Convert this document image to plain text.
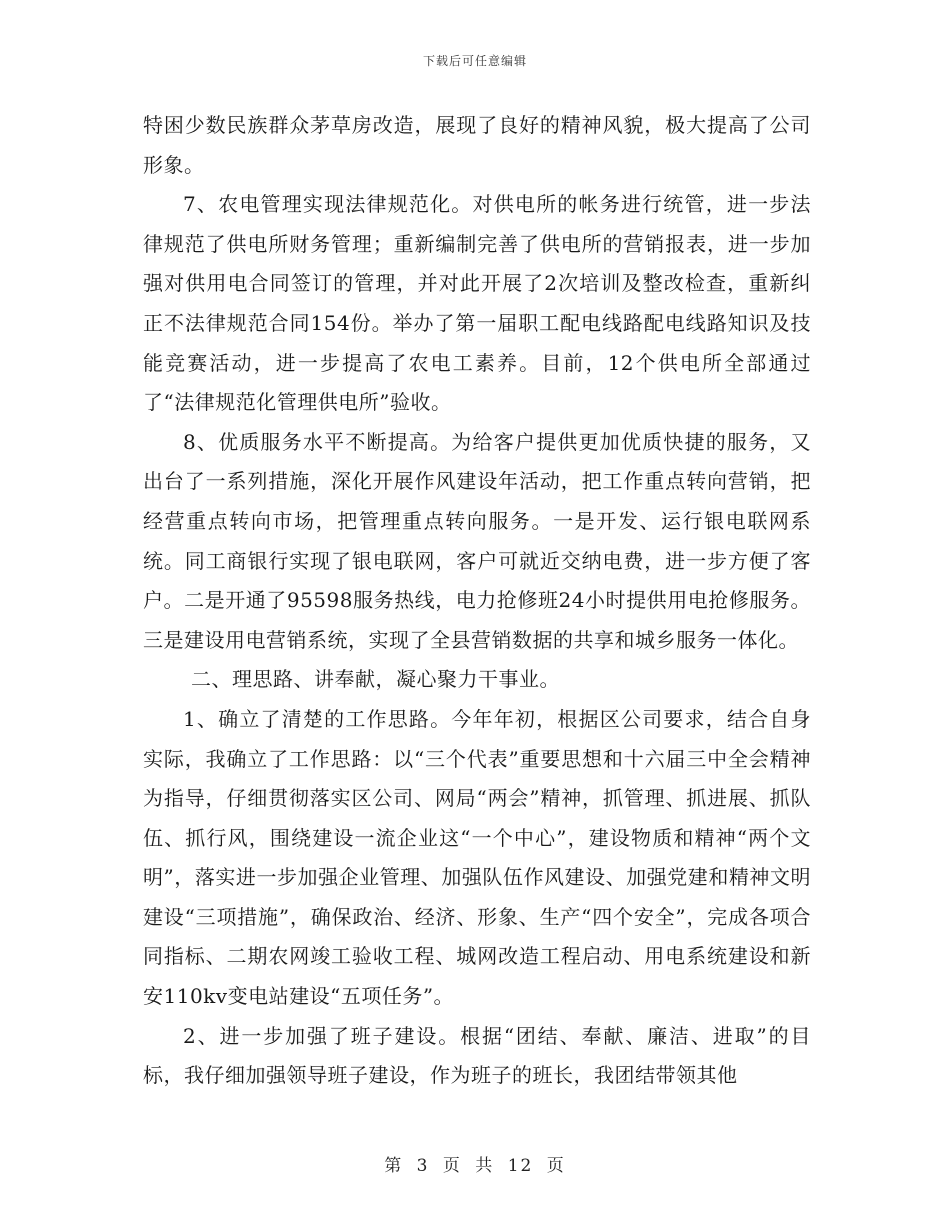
下载后可任意编辑

特困少数民族群众茅草房改造，展现了良好的精神风貌，极大提高了公司形象。

7、农电管理实现法律规范化。对供电所的帐务进行统管，进一步法律规范了供电所财务管理；重新编制完善了供电所的营销报表，进一步加强对供用电合同签订的管理，并对此开展了2次培训及整改检查，重新纠正不法律规范合同154份。举办了第一届职工配电线路配电线路知识及技能竞赛活动，进一步提高了农电工素养。目前，12个供电所全部通过了“法律规范化管理供电所”验收。

8、优质服务水平不断提高。为给客户提供更加优质快捷的服务，又出台了一系列措施，深化开展作风建设年活动，把工作重点转向营销，把经营重点转向市场，把管理重点转向服务。一是开发、运行银电联网系统。同工商银行实现了银电联网，客户可就近交纳电费，进一步方便了客户。二是开通了95598服务热线，电力抢修班24小时提供用电抢修服务。三是建设用电营销系统，实现了全县营销数据的共享和城乡服务一体化。

二、理思路、讲奉献，凝心聚力干事业。

1、确立了清楚的工作思路。今年年初，根据区公司要求，结合自身实际，我确立了工作思路：以“三个代表”重要思想和十六届三中全会精神为指导，仔细贯彻落实区公司、网局“两会”精神，抓管理、抓进展、抓队伍、抓行风，围绕建设一流企业这“一个中心”，建设物质和精神“两个文明”，落实进一步加强企业管理、加强队伍作风建设、加强党建和精神文明建设“三项措施”，确保政治、经济、形象、生产“四个安全”，完成各项合同指标、二期农网竣工验收工程、城网改造工程启动、用电系统建设和新安110kv变电站建设“五项任务”。

2、进一步加强了班子建设。根据“团结、奉献、廉洁、进取”的目标，我仔细加强领导班子建设，作为班子的班长，我团结带领其他

第 3 页 共 12 页
